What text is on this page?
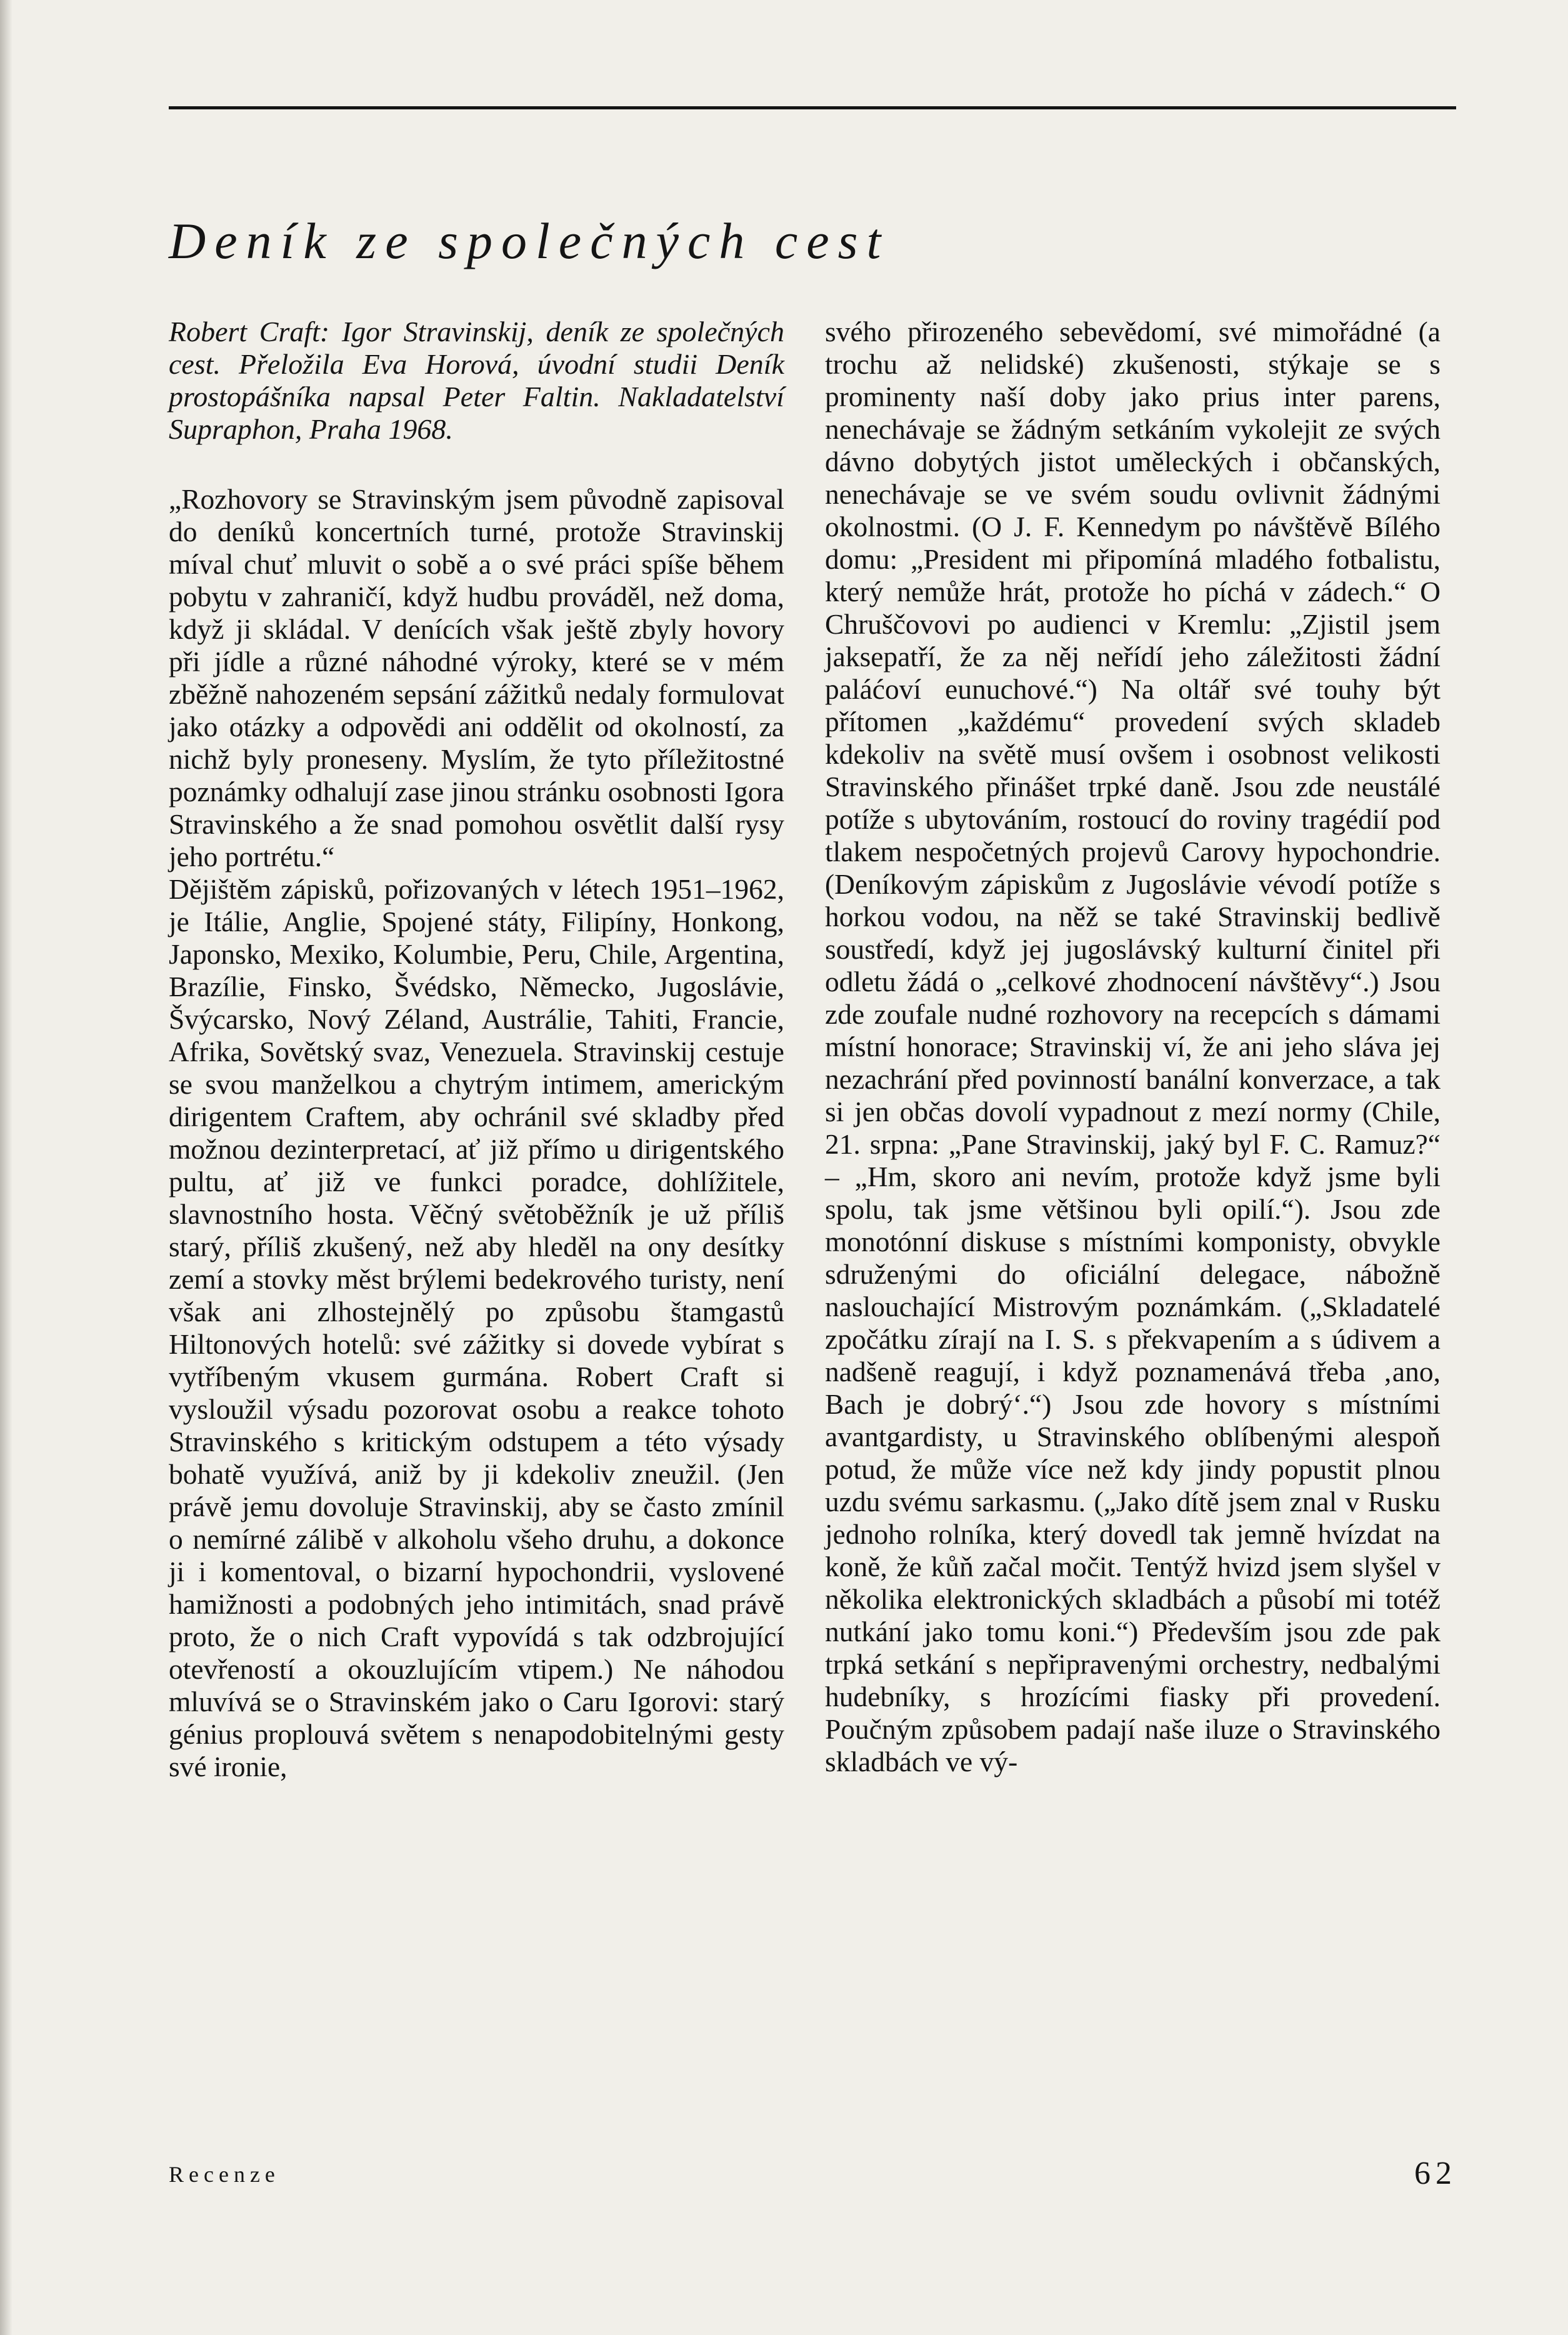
Deník ze společných cest

Robert Craft: Igor Stravinskij, deník ze společných cest. Přeložila Eva Horová, úvodní studii Deník prostopášníka napsal Peter Faltin. Nakladatelství Supraphon, Praha 1968.

„Rozhovory se Stravinským jsem původně zapisoval do deníků koncertních turné, protože Stravinskij míval chuť mluvit o sobě a o své práci spíše během pobytu v zahraničí, když hudbu prováděl, než doma, když ji skládal. V denících však ještě zbyly hovory při jídle a různé náhodné výroky, které se v mém zběžně nahozeném sepsání zážitků nedaly formulovat jako otázky a odpovědi ani oddělit od okolností, za nichž byly proneseny. Myslím, že tyto příležitostné poznámky odhalují zase jinou stránku osobnosti Igora Stravinského a že snad pomohou osvětlit další rysy jeho portrétu.“

Dějištěm zápisků, pořizovaných v létech 1951–1962, je Itálie, Anglie, Spojené státy, Filipíny, Honkong, Japonsko, Mexiko, Kolumbie, Peru, Chile, Argentina, Brazílie, Finsko, Švédsko, Německo, Jugoslávie, Švýcarsko, Nový Zéland, Austrálie, Tahiti, Francie, Afrika, Sovětský svaz, Venezuela. Stravinskij cestuje se svou manželkou a chytrým intimem, americkým dirigentem Craftem, aby ochránil své skladby před možnou dezinterpretací, ať již přímo u dirigentského pultu, ať již ve funkci poradce, dohlížitele, slavnostního hosta. Věčný světoběžník je už příliš starý, příliš zkušený, než aby hleděl na ony desítky zemí a stovky měst brýlemi bedekrového turisty, není však ani zlhostejnělý po způsobu štamgastů Hiltonových hotelů: své zážitky si dovede vybírat s vytříbeným vkusem gurmána. Robert Craft si vysloužil výsadu pozorovat osobu a reakce tohoto Stravinského s kritickým odstupem a této výsady bohatě využívá, aniž by ji kdekoliv zneužil. (Jen právě jemu dovoluje Stravinskij, aby se často zmínil o nemírné zálibě v alkoholu všeho druhu, a dokonce ji i komentoval, o bizarní hypochondrii, vyslovené hamižnosti a podobných jeho intimitách, snad právě proto, že o nich Craft vypovídá s tak odzbrojující otevřeností a okouzlujícím vtipem.) Ne náhodou mluvívá se o Stravinském jako o Caru Igorovi: starý génius proplouvá světem s nenapodobitelnými gesty své ironie,

svého přirozeného sebevědomí, své mimořádné (a trochu až nelidské) zkušenosti, stýkaje se s prominenty naší doby jako prius inter parens, nenechávaje se žádným setkáním vykolejit ze svých dávno dobytých jistot uměleckých i občanských, nenechávaje se ve svém soudu ovlivnit žádnými okolnostmi. (O J. F. Kennedym po návštěvě Bílého domu: „President mi připomíná mladého fotbalistu, který nemůže hrát, protože ho píchá v zádech.“ O Chruščovovi po audienci v Kremlu: „Zjistil jsem jaksepatří, že za něj neřídí jeho záležitosti žádní paláćoví eunuchové.“) Na oltář své touhy být přítomen „každému“ provedení svých skladeb kdekoliv na světě musí ovšem i osobnost velikosti Stravinského přinášet trpké daně. Jsou zde neustálé potíže s ubytováním, rostoucí do roviny tragédií pod tlakem nespočetných projevů Carovy hypochondrie. (Deníkovým zápiskům z Jugoslávie vévodí potíže s horkou vodou, na něž se také Stravinskij bedlivě soustředí, když jej jugoslávský kulturní činitel při odletu žádá o „celkové zhodnocení návštěvy“.) Jsou zde zoufale nudné rozhovory na recepcích s dámami místní honorace; Stravinskij ví, že ani jeho sláva jej nezachrání před povinností banální konverzace, a tak si jen občas dovolí vypadnout z mezí normy (Chile, 21. srpna: „Pane Stravinskij, jaký byl F. C. Ramuz?“ – „Hm, skoro ani nevím, protože když jsme byli spolu, tak jsme většinou byli opilí.“). Jsou zde monotónní diskuse s místními komponisty, obvykle sdruženými do oficiální delegace, nábožně naslouchající Mistrovým poznámkám. („Skladatelé zpočátku zírají na I. S. s překvapením a s údivem a nadšeně reagují, i když poznamenává třeba ‚ano, Bach je dobrý‘.“) Jsou zde hovory s místními avantgardisty, u Stravinského oblíbenými alespoň potud, že může více než kdy jindy popustit plnou uzdu svému sarkasmu. („Jako dítě jsem znal v Rusku jednoho rolníka, který dovedl tak jemně hvízdat na koně, že kůň začal močit. Tentýž hvizd jsem slyšel v několika elektronických skladbách a působí mi totéž nutkání jako tomu koni.“) Především jsou zde pak trpká setkání s nepřipravenými orchestry, nedbalými hudebníky, s hrozícími fiasky při provedení. Poučným způsobem padají naše iluze o Stravinského skladbách ve vý-

Recenze	62
